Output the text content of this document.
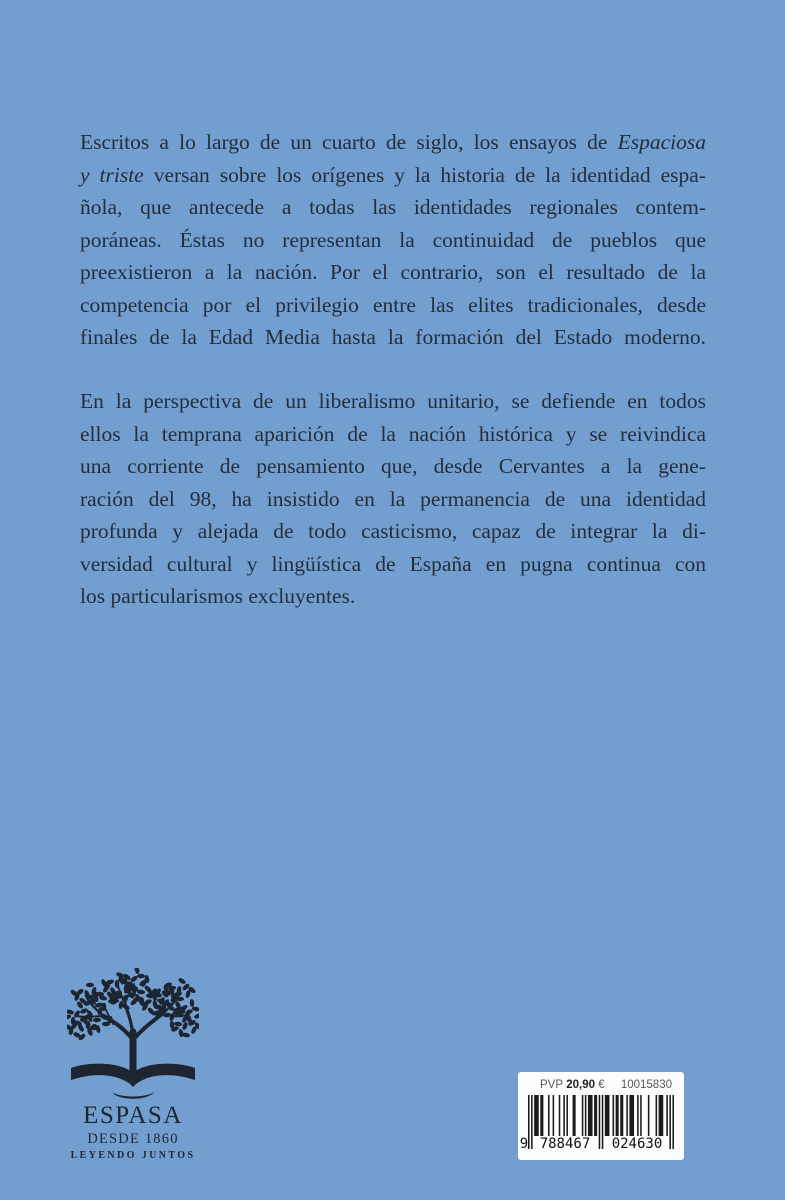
Escritos a lo largo de un cuarto de siglo, los ensayos de Espaciosa
y triste versan sobre los orígenes y la historia de la identidad espa-
ñola, que antecede a todas las identidades regionales contem-
poráneas. Éstas no representan la continuidad de pueblos que
preexistieron a la nación. Por el contrario, son el resultado de la
competencia por el privilegio entre las elites tradicionales, desde
finales de la Edad Media hasta la formación del Estado moderno.
En la perspectiva de un liberalismo unitario, se defiende en todos
ellos la temprana aparición de la nación histórica y se reivindica
una corriente de pensamiento que, desde Cervantes a la gene-
ración del 98, ha insistido en la permanencia de una identidad
profunda y alejada de todo casticismo, capaz de integrar la di-
versidad cultural y lingüística de España en pugna continua con
los particularismos excluyentes.
ESPASA
DESDE 1860
LEYENDO JUNTOS
PVP 20,90 € 10015830
9 788467	024630
